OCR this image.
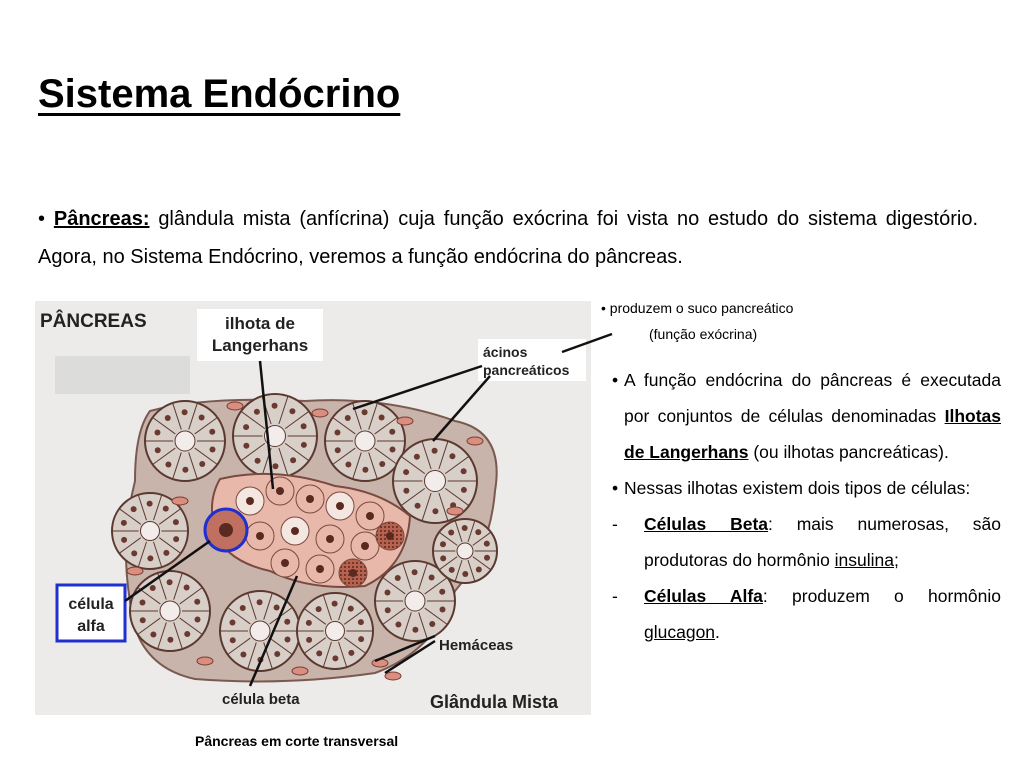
Sistema Endócrino

• Pâncreas: glândula mista (anfícrina) cuja função exócrina foi vista no estudo do sistema digestório. Agora, no Sistema Endócrino, veremos a função endócrina do pâncreas.

PÂNCREAS	ilhota de
Langerhans	ácinos
pancreáticos
célula
alfa
Hemáceas
célula beta	Glândula Mista

Pâncreas em corte transversal

• produzem o suco pancreático
(função exócrina)
• A função endócrina do pâncreas é executada por conjuntos de células denominadas Ilhotas de Langerhans (ou ilhotas pancreáticas).
• Nessas ilhotas existem dois tipos de células:
-	Células Beta: mais numerosas, são produtoras do hormônio insulina;
-	Células Alfa: produzem o hormônio glucagon.
